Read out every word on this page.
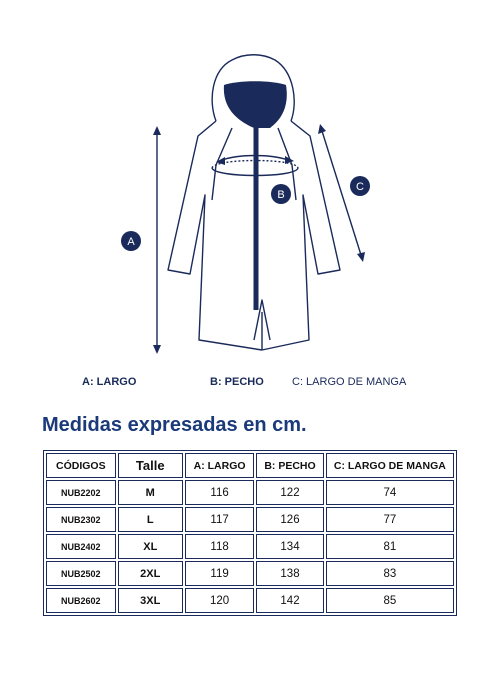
A
B
C
A: LARGO	B: PECHO	C: LARGO DE MANGA
Medidas expresadas en cm.
CÓDIGOS	Talle	A: LARGO	B: PECHO	C: LARGO DE MANGA
NUB2202	M	116	122	74
NUB2302	L	117	126	77
NUB2402	XL	118	134	81
NUB2502	2XL	119	138	83
NUB2602	3XL	120	142	85
